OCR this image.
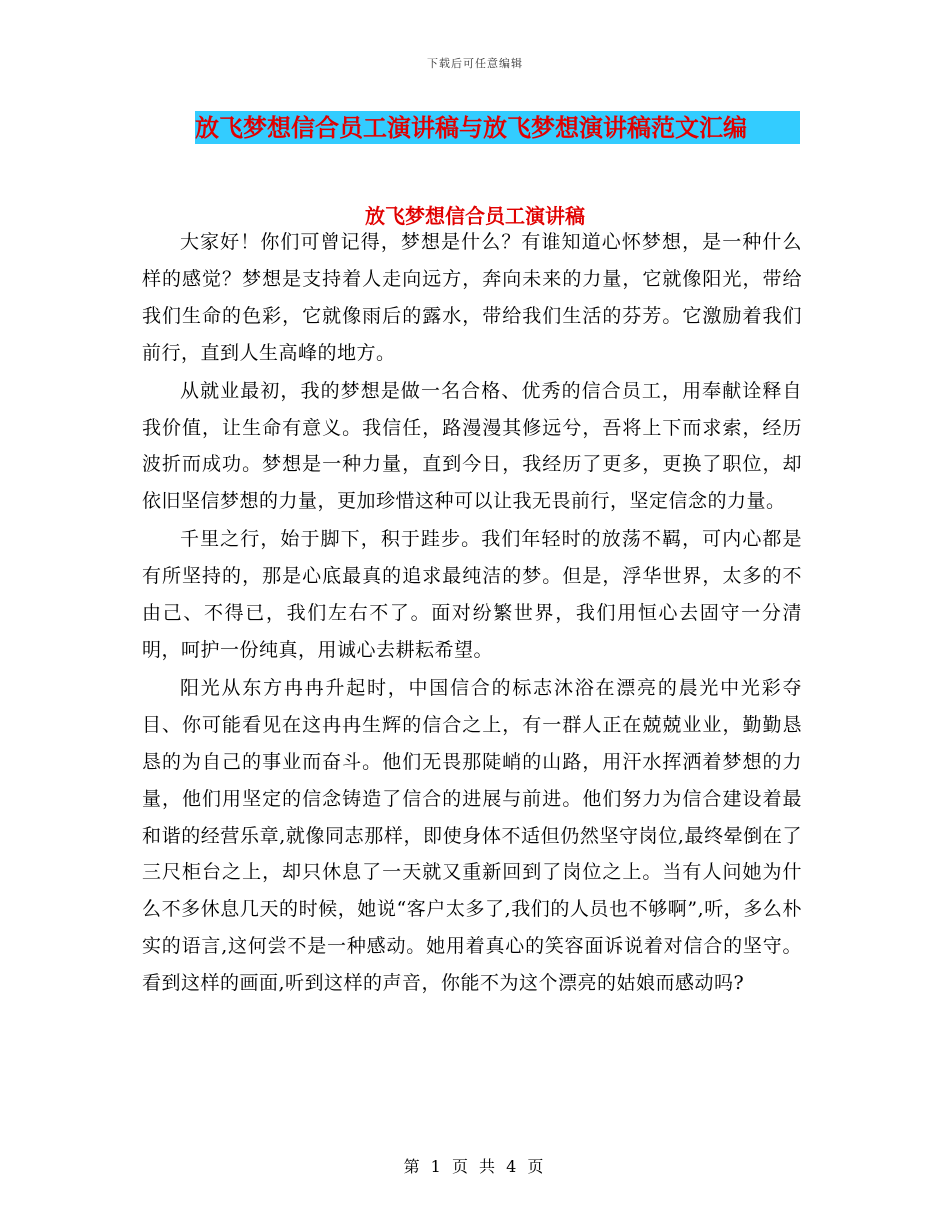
下载后可任意编辑
放飞梦想信合员工演讲稿与放飞梦想演讲稿范文汇编
放飞梦想信合员工演讲稿

大家好！你们可曾记得，梦想是什么？有谁知道心怀梦想，是一种什么样的感觉？梦想是支持着人走向远方，奔向未来的力量，它就像阳光，带给我们生命的色彩，它就像雨后的露水，带给我们生活的芬芳。它激励着我们前行，直到人生高峰的地方。

从就业最初，我的梦想是做一名合格、优秀的信合员工，用奉献诠释自我价值，让生命有意义。我信任，路漫漫其修远兮，吾将上下而求索，经历波折而成功。梦想是一种力量，直到今日，我经历了更多，更换了职位，却依旧坚信梦想的力量，更加珍惜这种可以让我无畏前行，坚定信念的力量。

千里之行，始于脚下，积于跬步。我们年轻时的放荡不羁，可内心都是有所坚持的，那是心底最真的追求最纯洁的梦。但是，浮华世界，太多的不由己、不得已，我们左右不了。面对纷繁世界，我们用恒心去固守一分清明，呵护一份纯真，用诚心去耕耘希望。

阳光从东方冉冉升起时，中国信合的标志沐浴在漂亮的晨光中光彩夺目、你可能看见在这冉冉生辉的信合之上，有一群人正在兢兢业业，勤勤恳恳的为自己的事业而奋斗。他们无畏那陡峭的山路，用汗水挥洒着梦想的力量，他们用坚定的信念铸造了信合的进展与前进。他们努力为信合建设着最和谐的经营乐章,就像同志那样，即使身体不适但仍然坚守岗位,最终晕倒在了三尺柜台之上，却只休息了一天就又重新回到了岗位之上。当有人问她为什么不多休息几天的时候，她说“客户太多了,我们的人员也不够啊”,听，多么朴实的语言,这何尝不是一种感动。她用着真心的笑容面诉说着对信合的坚守。看到这样的画面,听到这样的声音，你能不为这个漂亮的姑娘而感动吗?

第 1 页 共 4 页
